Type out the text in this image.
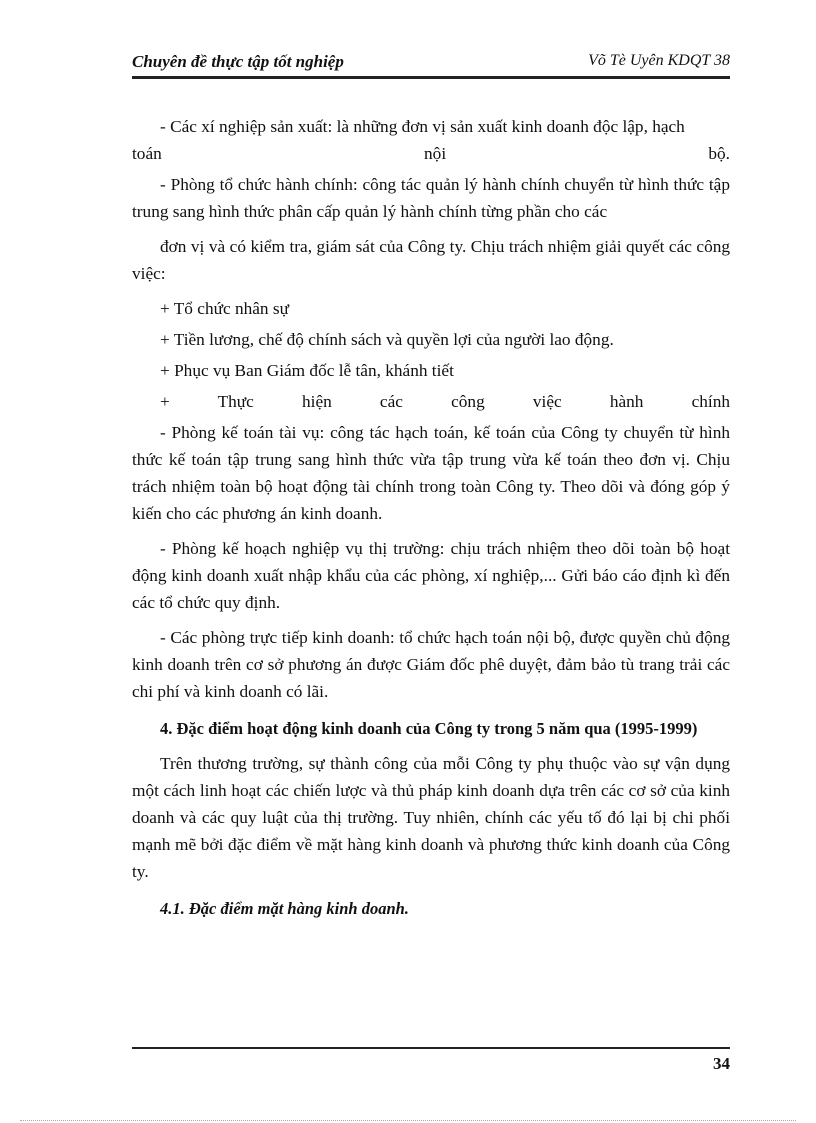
Chuyên đề thực tập tốt nghiệp	Võ Tè Uyên KDQT 38

- Các xí nghiệp sản xuất: là những đơn vị sản xuất kinh doanh độc lập, hạch

toán nội bộ.

- Phòng tổ chức hành chính: công tác quản lý hành chính chuyển từ hình thức tập trung sang hình thức phân cấp quản lý hành chính từng phần cho các

đơn vị và có kiểm tra, giám sát của Công ty. Chịu trách nhiệm giải quyết các công việc:

+ Tổ chức nhân sự

+ Tiền lương, chế độ chính sách và quyền lợi của người lao động.

+ Phục vụ Ban Giám đốc lễ tân, khánh tiết

+ Thực hiện các công việc hành chính

- Phòng kế toán tài vụ: công tác hạch toán, kế toán của Công ty chuyển từ hình thức kế toán tập trung sang hình thức vừa tập trung vừa kế toán theo đơn vị. Chịu trách nhiệm toàn bộ hoạt động tài chính trong toàn Công ty. Theo dõi và đóng góp ý kiến cho các phương án kinh doanh.

- Phòng kế hoạch nghiệp vụ thị trường: chịu trách nhiệm theo dõi toàn bộ hoạt động kinh doanh xuất nhập khẩu của các phòng, xí nghiệp,... Gửi báo cáo định kì đến các tổ chức quy định.

- Các phòng trực tiếp kinh doanh: tổ chức hạch toán nội bộ, được quyền chủ động kinh doanh trên cơ sở phương án được Giám đốc phê duyệt, đảm bảo tù trang trải các chi phí và kinh doanh có lãi.

4. Đặc điểm hoạt động kinh doanh của Công ty trong 5 năm qua (1995-1999)

Trên thương trường, sự thành công của mỗi Công ty phụ thuộc vào sự vận dụng một cách linh hoạt các chiến lược và thủ pháp kinh doanh dựa trên các cơ sở của kinh doanh và các quy luật của thị trường. Tuy nhiên, chính các yếu tố đó lại bị chi phối mạnh mẽ bởi đặc điểm về mặt hàng kinh doanh và phương thức kinh doanh của Công ty.

4.1. Đặc điểm mặt hàng kinh doanh.

34
